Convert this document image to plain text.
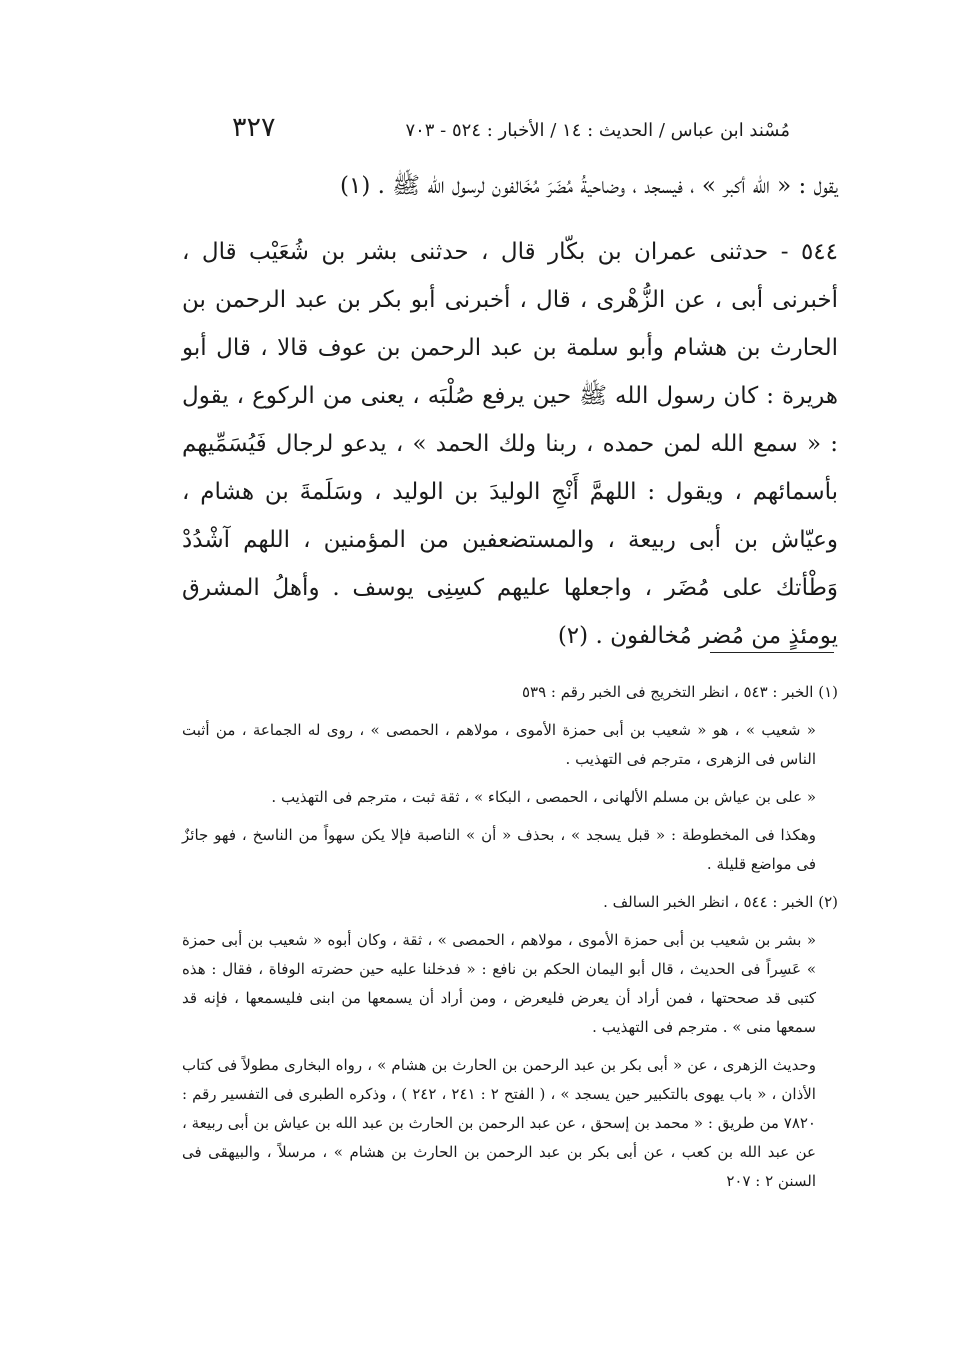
مُسْند ابن عباس / الحديث : ١٤ / الأخبار : ٥٢٤ - ٧٠٣
٣٢٧

يقول : « الله أكبر » ، فيسجد ، وضاحيةُ مُضَرَ مُخَالفون لرسول الله ﷺ . (١)

٥٤٤ - حدثنى عمران بن بكّار قال ، حدثنى بشر بن شُعَيْب قال ، أخبرنى أبى ، عن الزُّهْرى ، قال ، أخبرنى أبو بكر بن عبد الرحمن بن الحارث بن هشام وأبو سلمة بن عبد الرحمن بن عوف قالا ، قال أبو هريرة : كان رسول الله ﷺ حين يرفع صُلْبَه ، يعنى من الركوع ، يقول : « سمع الله لمن حمده ، ربنا ولك الحمد » ، يدعو لرجال فَيُسَمِّيهم بأسمائهم ، ويقول : اللهمَّ أَنْجِ الوليدَ بن الوليد ، وسَلَمةَ بن هشام ، وعيّاش بن أبى ربيعة ، والمستضعفين من المؤمنين ، اللهم آشْدُدْ وَطْأتك على مُضَر ، واجعلها عليهم كسِنِى يوسف . وأهلُ المشرق يومئذٍ من مُضر مُخالفون . (٢)

(١) الخبر : ٥٤٣ ، انظر التخريج فى الخبر رقم : ٥٣٩

« شعيب » ، هو « شعيب بن أبى حمزة الأموى ، مولاهم ، الحمصى » ، روى له الجماعة ، من أثبت الناس فى الزهرى ، مترجم فى التهذيب .

« على بن عياش بن مسلم الألهانى ، الحمصى ، البكاء » ، ثقة ثبت ، مترجم فى التهذيب .

وهكذا فى المخطوطة : « قبل يسجد » ، بحذف « أن » الناصبة فإلا يكن سهواً من الناسخ ، فهو جائزٌ فى مواضع قليلة .

(٢) الخبر : ٥٤٤ ، انظر الخبر السالف .

« بشر بن شعيب بن أبى حمزة الأموى ، مولاهم ، الحمصى » ، ثقة ، وكان أبوه « شعيب بن أبى حمزة » عَسِراً فى الحديث ، قال أبو اليمان الحكم بن نافع : « فدخلنا عليه حين حضرته الوفاة ، فقال : هذه كتبى قد صححتها ، فمن أراد أن يعرض فليعرض ، ومن أراد أن يسمعها من ابنى فليسمعها ، فإنه قد سمعها منى » . مترجم فى التهذيب .

وحديث الزهرى ، عن « أبى بكر بن عبد الرحمن بن الحارث بن هشام » ، رواه البخارى مطولاً فى كتاب الأذان ، « باب يهوى بالتكبير حين يسجد » ، ( الفتح ٢ : ٢٤١ ، ٢٤٢ ) ، وذكره الطبرى فى التفسير رقم : ٧٨٢٠ من طريق : « محمد بن إسحق ، عن عبد الرحمن بن الحارث بن عبد الله بن عياش بن أبى ربيعة ، عن عبد الله بن كعب ، عن أبى بكر بن عبد الرحمن بن الحارث بن هشام » ، مرسلاً ، والبيهقى فى السنن ٢ : ٢٠٧
